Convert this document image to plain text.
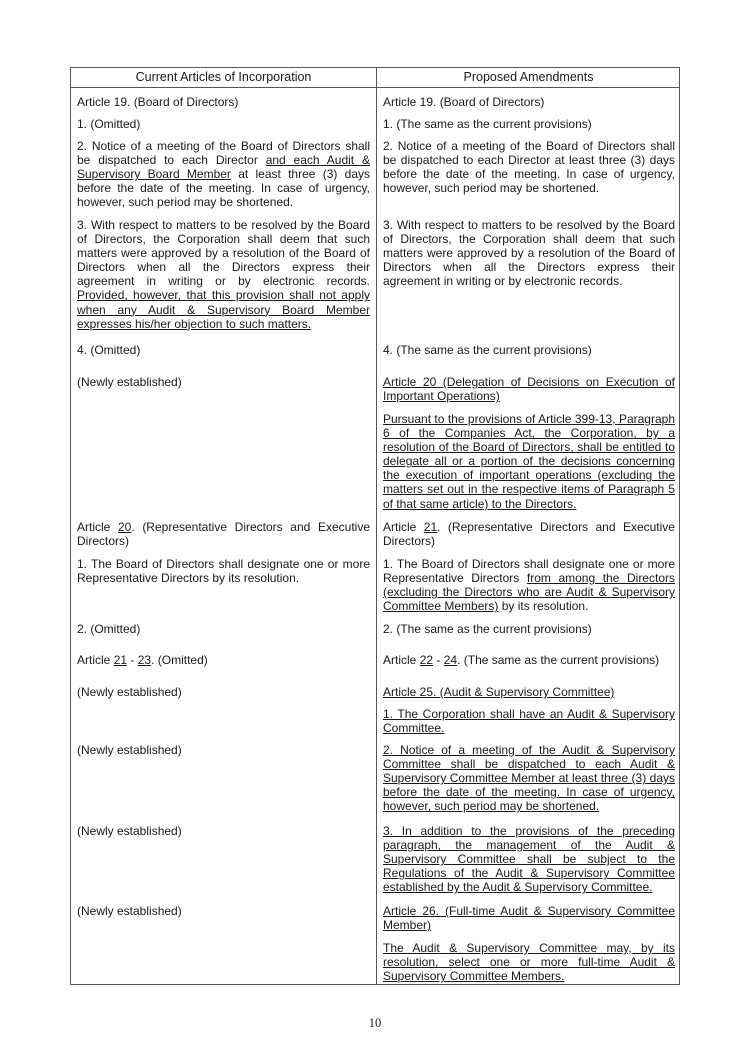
Current Articles of Incorporation	Proposed Amendments
Article 19. (Board of Directors)
1. (Omitted)
2. Notice of a meeting of the Board of Directors shall be dispatched to each Director and each Audit & Supervisory Board Member at least three (3) days before the date of the meeting. In case of urgency, however, such period may be shortened.
3. With respect to matters to be resolved by the Board of Directors, the Corporation shall deem that such matters were approved by a resolution of the Board of Directors when all the Directors express their agreement in writing or by electronic records. Provided, however, that this provision shall not apply when any Audit & Supervisory Board Member expresses his/her objection to such matters.
4. (Omitted)
(Newly established)
Article 20. (Representative Directors and Executive Directors)
1. The Board of Directors shall designate one or more Representative Directors by its resolution.
2. (Omitted)
Article 21 - 23. (Omitted)
(Newly established)
(Newly established)
(Newly established)
(Newly established)
Article 19. (Board of Directors)
1. (The same as the current provisions)
2. Notice of a meeting of the Board of Directors shall be dispatched to each Director at least three (3) days before the date of the meeting. In case of urgency, however, such period may be shortened.
3. With respect to matters to be resolved by the Board of Directors, the Corporation shall deem that such matters were approved by a resolution of the Board of Directors when all the Directors express their agreement in writing or by electronic records.
4. (The same as the current provisions)
Article 20 (Delegation of Decisions on Execution of Important Operations)
Pursuant to the provisions of Article 399-13, Paragraph 6 of the Companies Act, the Corporation, by a resolution of the Board of Directors, shall be entitled to delegate all or a portion of the decisions concerning the execution of important operations (excluding the matters set out in the respective items of Paragraph 5 of that same article) to the Directors.
Article 21. (Representative Directors and Executive Directors)
1. The Board of Directors shall designate one or more Representative Directors from among the Directors (excluding the Directors who are Audit & Supervisory Committee Members) by its resolution.
2. (The same as the current provisions)
Article 22 - 24. (The same as the current provisions)
Article 25. (Audit & Supervisory Committee)
1. The Corporation shall have an Audit & Supervisory Committee.
2. Notice of a meeting of the Audit & Supervisory Committee shall be dispatched to each Audit & Supervisory Committee Member at least three (3) days before the date of the meeting. In case of urgency, however, such period may be shortened.
3. In addition to the provisions of the preceding paragraph, the management of the Audit & Supervisory Committee shall be subject to the Regulations of the Audit & Supervisory Committee established by the Audit & Supervisory Committee.
Article 26. (Full-time Audit & Supervisory Committee Member)
The Audit & Supervisory Committee may, by its resolution, select one or more full-time Audit & Supervisory Committee Members.
10
